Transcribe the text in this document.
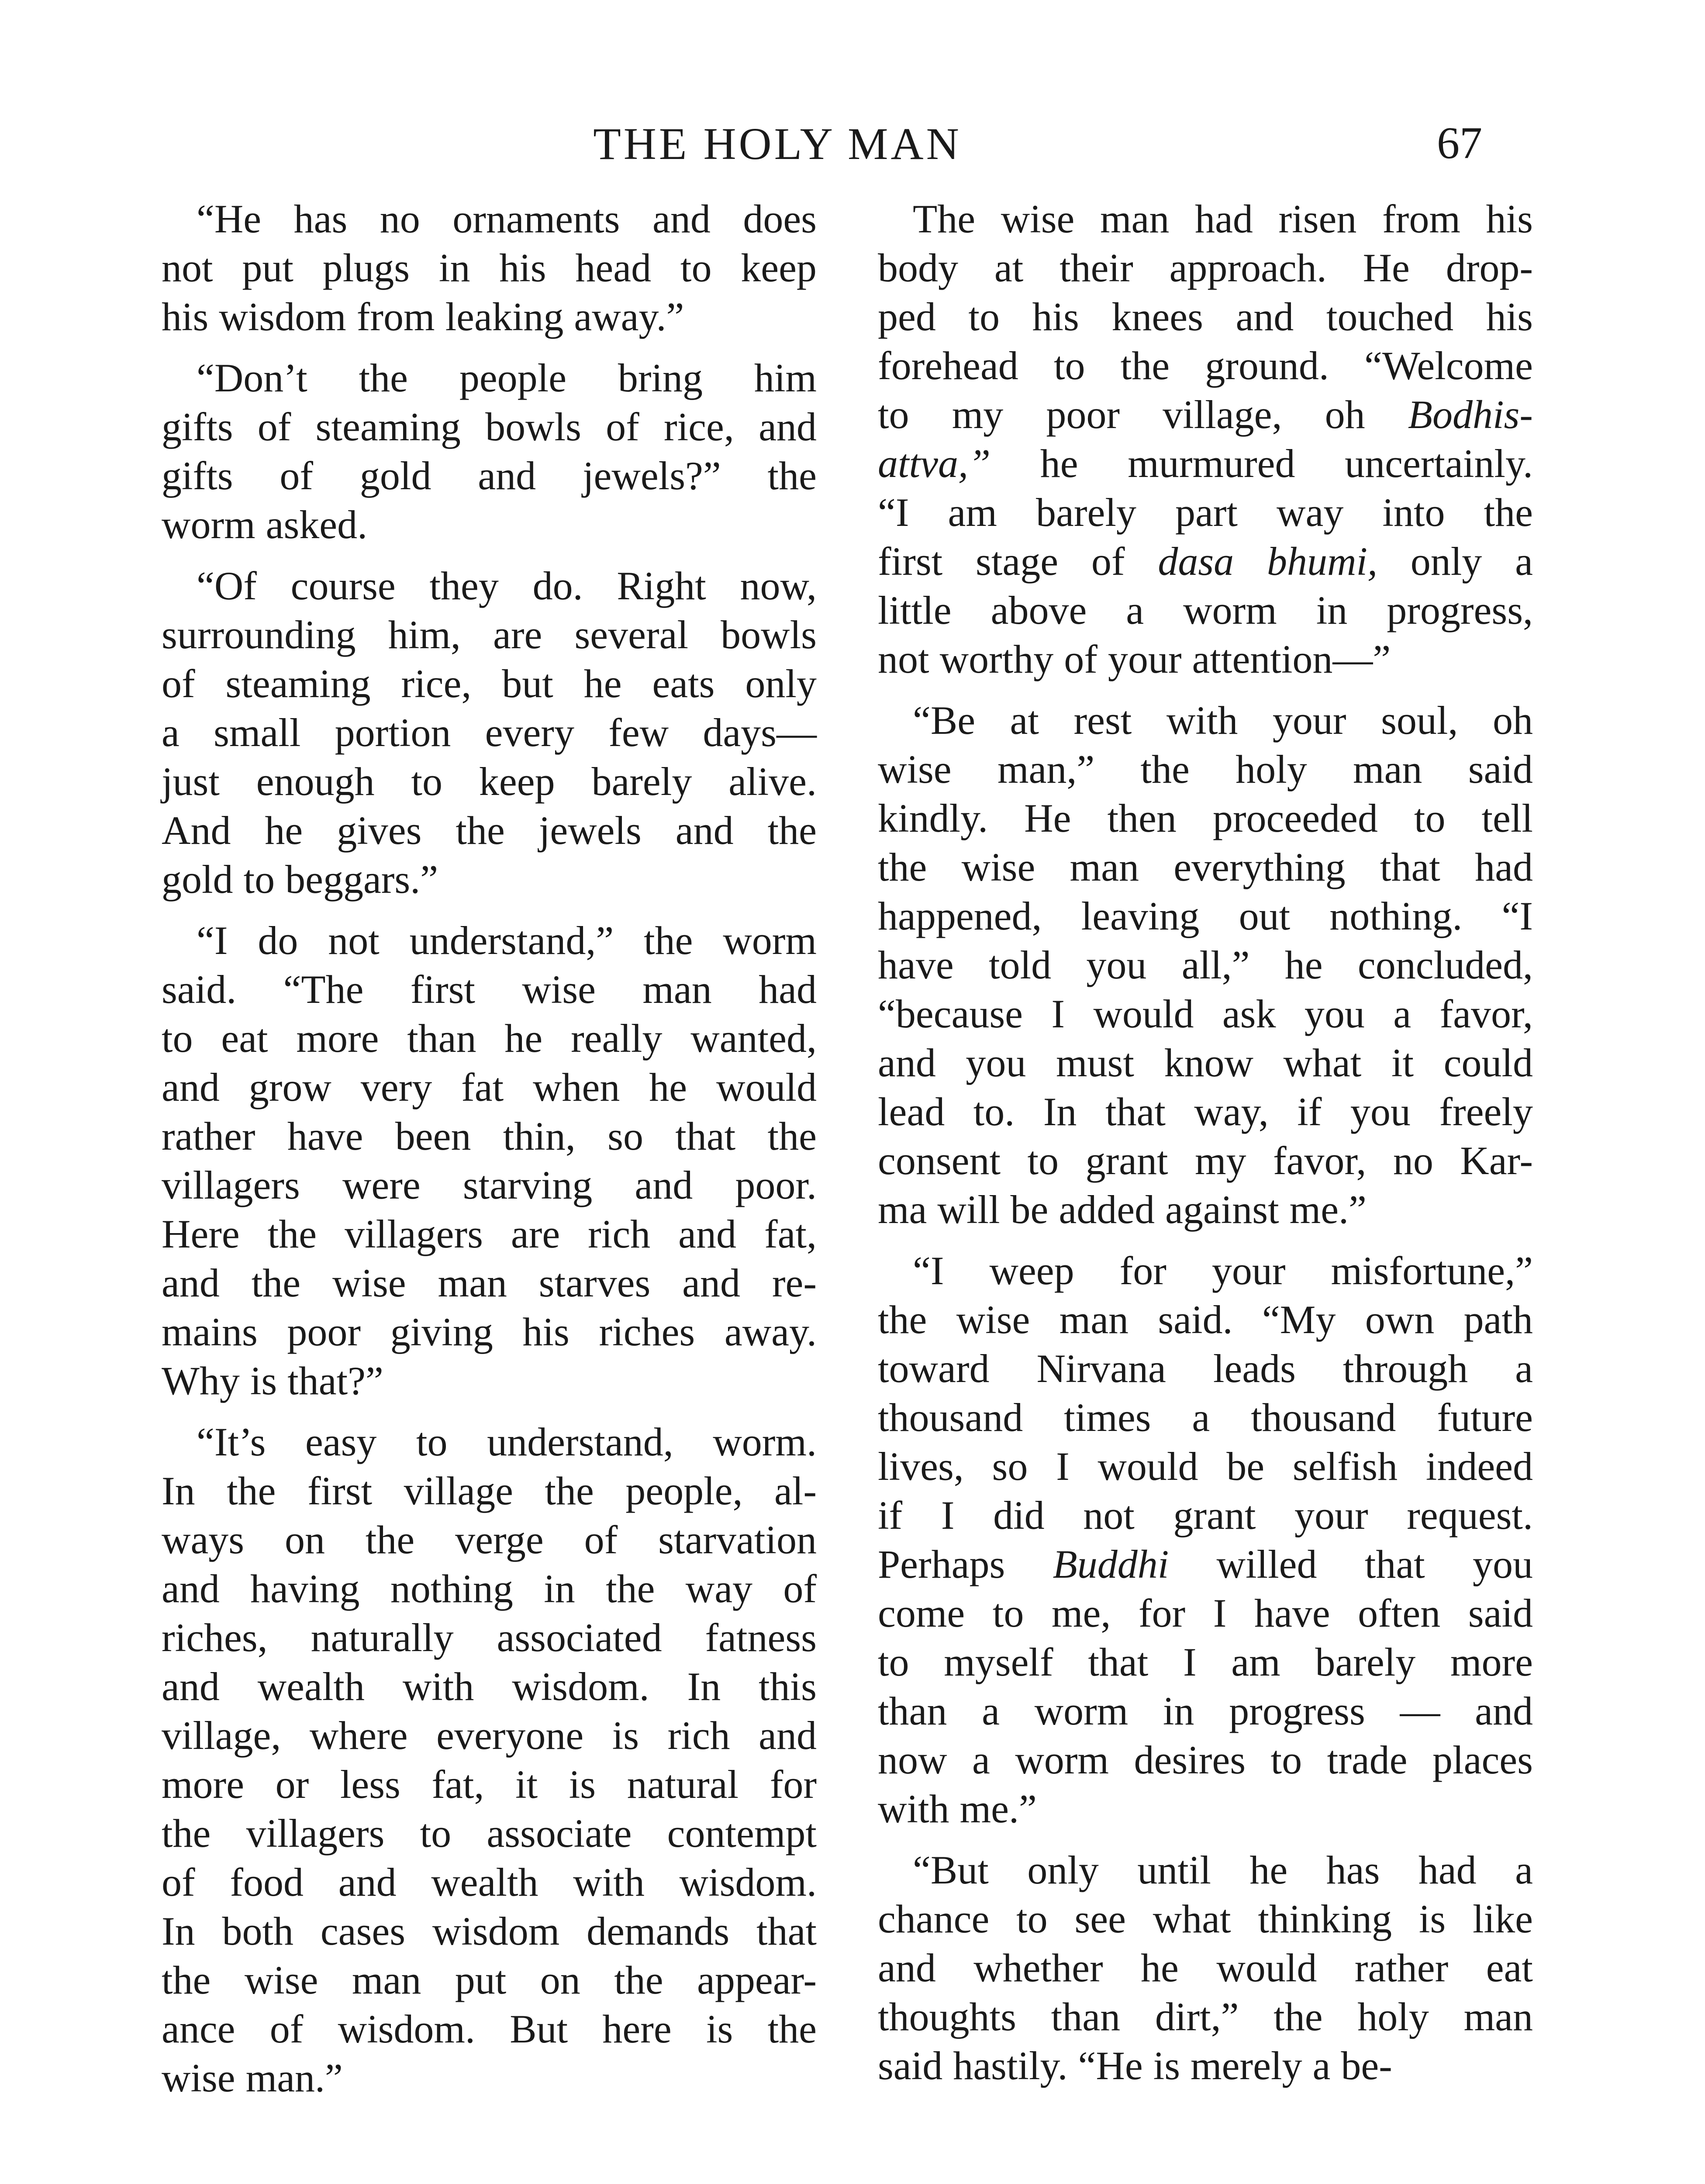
THE HOLY MAN	67
“He has no ornaments and does
not put plugs in his head to keep
his wisdom from leaking away.”
“Don’t the people bring him
gifts of steaming bowls of rice, and
gifts of gold and jewels?” the
worm asked.
“Of course they do. Right now,
surrounding him, are several bowls
of steaming rice, but he eats only
a small portion every few days—
just enough to keep barely alive.
And he gives the jewels and the
gold to beggars.”
“I do not understand,” the worm
said. “The first wise man had
to eat more than he really wanted,
and grow very fat when he would
rather have been thin, so that the
villagers were starving and poor.
Here the villagers are rich and fat,
and the wise man starves and re-
mains poor giving his riches away.
Why is that?”
“It’s easy to understand, worm.
In the first village the people, al-
ways on the verge of starvation
and having nothing in the way of
riches, naturally associated fatness
and wealth with wisdom. In this
village, where everyone is rich and
more or less fat, it is natural for
the villagers to associate contempt
of food and wealth with wisdom.
In both cases wisdom demands that
the wise man put on the appear-
ance of wisdom. But here is the
wise man.”
The wise man had risen from his
body at their approach. He drop-
ped to his knees and touched his
forehead to the ground. “Welcome
to my poor village, oh Bodhis-
attva,” he murmured uncertainly.
“I am barely part way into the
first stage of dasa bhumi, only a
little above a worm in progress,
not worthy of your attention—”
“Be at rest with your soul, oh
wise man,” the holy man said
kindly. He then proceeded to tell
the wise man everything that had
happened, leaving out nothing. “I
have told you all,” he concluded,
“because I would ask you a favor,
and you must know what it could
lead to. In that way, if you freely
consent to grant my favor, no Kar-
ma will be added against me.”
“I weep for your misfortune,”
the wise man said. “My own path
toward Nirvana leads through a
thousand times a thousand future
lives, so I would be selfish indeed
if I did not grant your request.
Perhaps Buddhi willed that you
come to me, for I have often said
to myself that I am barely more
than a worm in progress — and
now a worm desires to trade places
with me.”
“But only until he has had a
chance to see what thinking is like
and whether he would rather eat
thoughts than dirt,” the holy man
said hastily. “He is merely a be-
